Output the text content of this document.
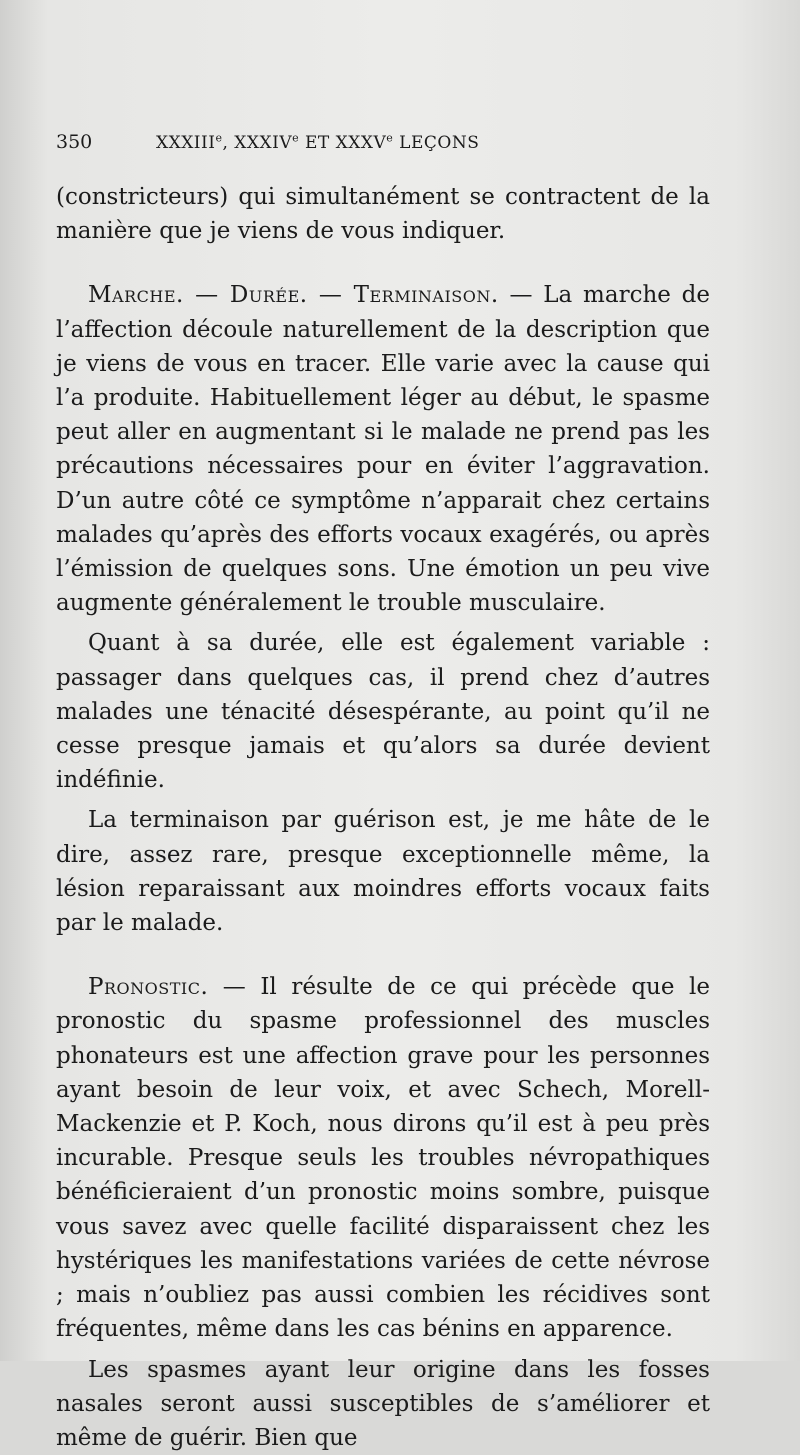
350	XXXIIIe, XXXIVe ET XXXVe LEÇONS

(constricteurs) qui simultanément se contractent de la manière que je viens de vous indiquer.

Marche. — Durée. — Terminaison. — La marche de l’affection découle naturellement de la description que je viens de vous en tracer. Elle varie avec la cause qui l’a produite. Habituellement léger au début, le spasme peut aller en augmentant si le malade ne prend pas les précautions nécessaires pour en éviter l’aggravation. D’un autre côté ce symptôme n’apparait chez certains malades qu’après des efforts vocaux exagérés, ou après l’émission de quelques sons. Une émotion un peu vive augmente généralement le trouble musculaire.

Quant à sa durée, elle est également variable : passager dans quelques cas, il prend chez d’autres malades une ténacité désespérante, au point qu’il ne cesse presque jamais et qu’alors sa durée devient indéfinie.

La terminaison par guérison est, je me hâte de le dire, assez rare, presque exceptionnelle même, la lésion reparaissant aux moindres efforts vocaux faits par le malade.

Pronostic. — Il résulte de ce qui précède que le pronostic du spasme professionnel des muscles phonateurs est une affection grave pour les personnes ayant besoin de leur voix, et avec Schech, Morell-Mackenzie et P. Koch, nous dirons qu’il est à peu près incurable. Presque seuls les troubles névropathiques bénéficieraient d’un pronostic moins sombre, puisque vous savez avec quelle facilité disparaissent chez les hystériques les manifestations variées de cette névrose ; mais n’oubliez pas aussi combien les récidives sont fréquentes, même dans les cas bénins en apparence.

Les spasmes ayant leur origine dans les fosses nasales seront aussi susceptibles de s’améliorer et même de guérir. Bien que
